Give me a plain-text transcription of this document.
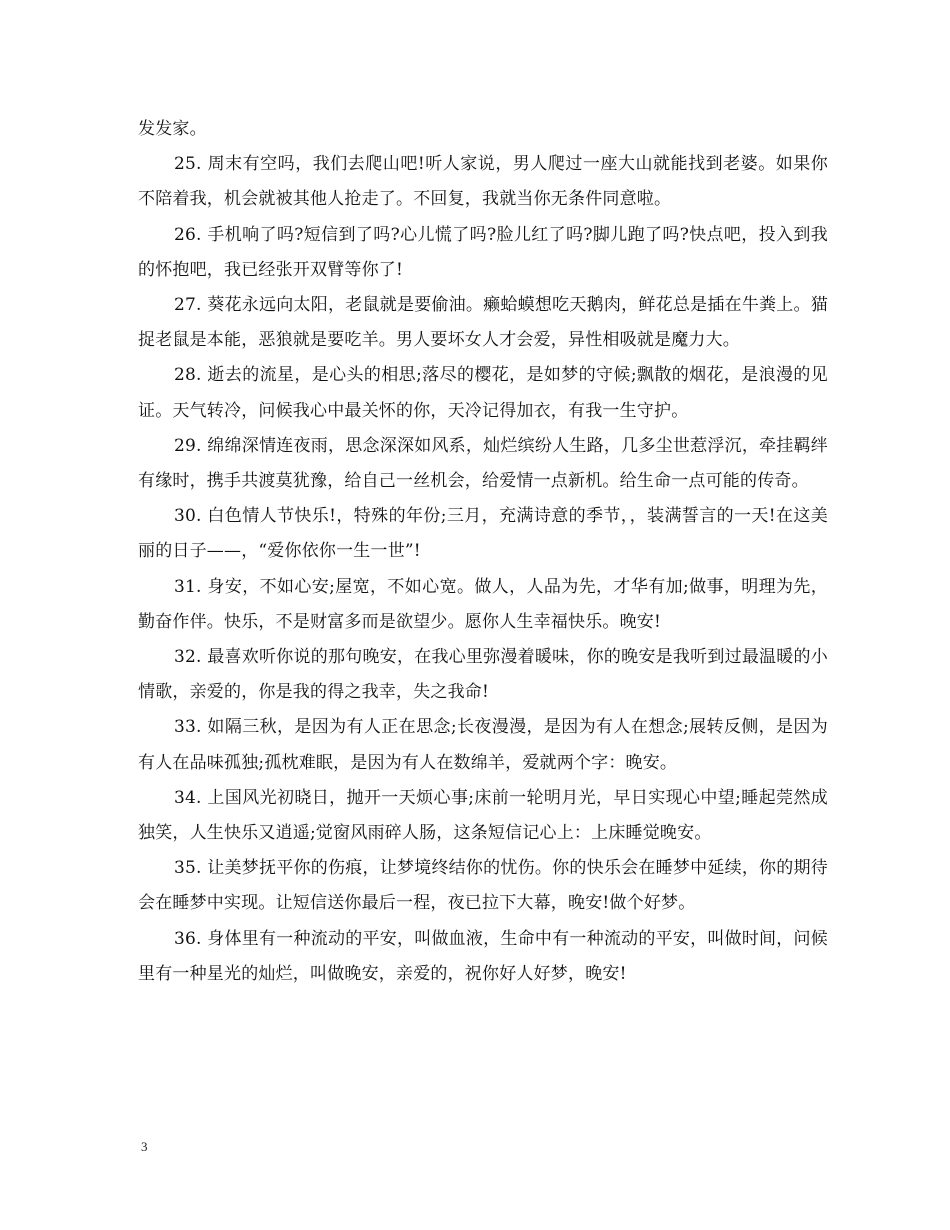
发发家。

25. 周末有空吗，我们去爬山吧!听人家说，男人爬过一座大山就能找到老婆。如果你不陪着我，机会就被其他人抢走了。不回复，我就当你无条件同意啦。

26. 手机响了吗?短信到了吗?心儿慌了吗?脸儿红了吗?脚儿跑了吗?快点吧，投入到我的怀抱吧，我已经张开双臂等你了!

27. 葵花永远向太阳，老鼠就是要偷油。癞蛤蟆想吃天鹅肉，鲜花总是插在牛粪上。猫捉老鼠是本能，恶狼就是要吃羊。男人要坏女人才会爱，异性相吸就是魔力大。

28. 逝去的流星，是心头的相思;落尽的樱花，是如梦的守候;飘散的烟花，是浪漫的见证。天气转冷，问候我心中最关怀的你，天冷记得加衣，有我一生守护。

29. 绵绵深情连夜雨，思念深深如风系，灿烂缤纷人生路，几多尘世惹浮沉，牵挂羁绊有缘时，携手共渡莫犹豫，给自己一丝机会，给爱情一点新机。给生命一点可能的传奇。

30. 白色情人节快乐!，特殊的年份;三月，充满诗意的季节，，装满誓言的一天!在这美丽的日子——，“爱你依你一生一世”!

31. 身安，不如心安;屋宽，不如心宽。做人，人品为先，才华有加;做事，明理为先，勤奋作伴。快乐，不是财富多而是欲望少。愿你人生幸福快乐。晚安!

32. 最喜欢听你说的那句晚安，在我心里弥漫着暖味，你的晚安是我听到过最温暖的小情歌，亲爱的，你是我的得之我幸，失之我命!

33. 如隔三秋，是因为有人正在思念;长夜漫漫，是因为有人在想念;展转反侧，是因为有人在品味孤独;孤枕难眠，是因为有人在数绵羊，爱就两个字：晚安。

34. 上国风光初晓日，抛开一天烦心事;床前一轮明月光，早日实现心中望;睡起莞然成独笑，人生快乐又逍遥;觉窗风雨碎人肠，这条短信记心上：上床睡觉晚安。

35. 让美梦抚平你的伤痕，让梦境终结你的忧伤。你的快乐会在睡梦中延续，你的期待会在睡梦中实现。让短信送你最后一程，夜已拉下大幕，晚安!做个好梦。

36. 身体里有一种流动的平安，叫做血液，生命中有一种流动的平安，叫做时间，问候里有一种星光的灿烂，叫做晚安，亲爱的，祝你好人好梦，晚安!

3
